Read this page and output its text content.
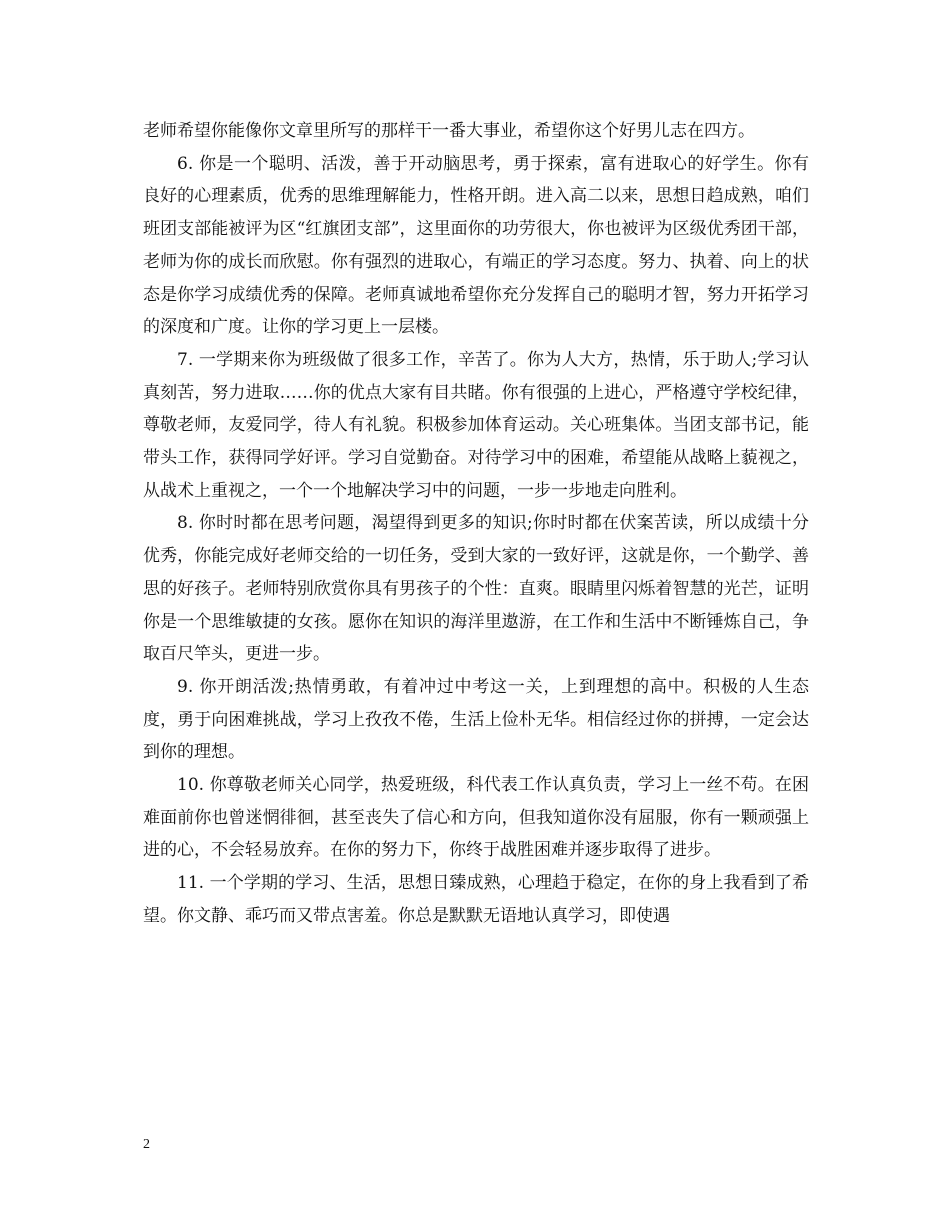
老师希望你能像你文章里所写的那样干一番大事业，希望你这个好男儿志在四方。

6. 你是一个聪明、活泼，善于开动脑思考，勇于探索，富有进取心的好学生。你有良好的心理素质，优秀的思维理解能力，性格开朗。进入高二以来，思想日趋成熟，咱们班团支部能被评为区“红旗团支部”，这里面你的功劳很大，你也被评为区级优秀团干部，老师为你的成长而欣慰。你有强烈的进取心，有端正的学习态度。努力、执着、向上的状态是你学习成绩优秀的保障。老师真诚地希望你充分发挥自己的聪明才智，努力开拓学习的深度和广度。让你的学习更上一层楼。

7. 一学期来你为班级做了很多工作，辛苦了。你为人大方，热情，乐于助人;学习认真刻苦，努力进取……你的优点大家有目共睹。你有很强的上进心，严格遵守学校纪律，尊敬老师，友爱同学，待人有礼貌。积极参加体育运动。关心班集体。当团支部书记，能带头工作，获得同学好评。学习自觉勤奋。对待学习中的困难，希望能从战略上藐视之，从战术上重视之，一个一个地解决学习中的问题，一步一步地走向胜利。

8. 你时时都在思考问题，渴望得到更多的知识;你时时都在伏案苦读，所以成绩十分优秀，你能完成好老师交给的一切任务，受到大家的一致好评，这就是你，一个勤学、善思的好孩子。老师特别欣赏你具有男孩子的个性：直爽。眼睛里闪烁着智慧的光芒，证明你是一个思维敏捷的女孩。愿你在知识的海洋里遨游，在工作和生活中不断锤炼自己，争取百尺竿头，更进一步。

9. 你开朗活泼;热情勇敢，有着冲过中考这一关，上到理想的高中。积极的人生态度，勇于向困难挑战，学习上孜孜不倦，生活上俭朴无华。相信经过你的拼搏，一定会达到你的理想。

10. 你尊敬老师关心同学，热爱班级，科代表工作认真负责，学习上一丝不苟。在困难面前你也曾迷惘徘徊，甚至丧失了信心和方向，但我知道你没有屈服，你有一颗顽强上进的心，不会轻易放弃。在你的努力下，你终于战胜困难并逐步取得了进步。

11. 一个学期的学习、生活，思想日臻成熟，心理趋于稳定，在你的身上我看到了希望。你文静、乖巧而又带点害羞。你总是默默无语地认真学习，即使遇

2
